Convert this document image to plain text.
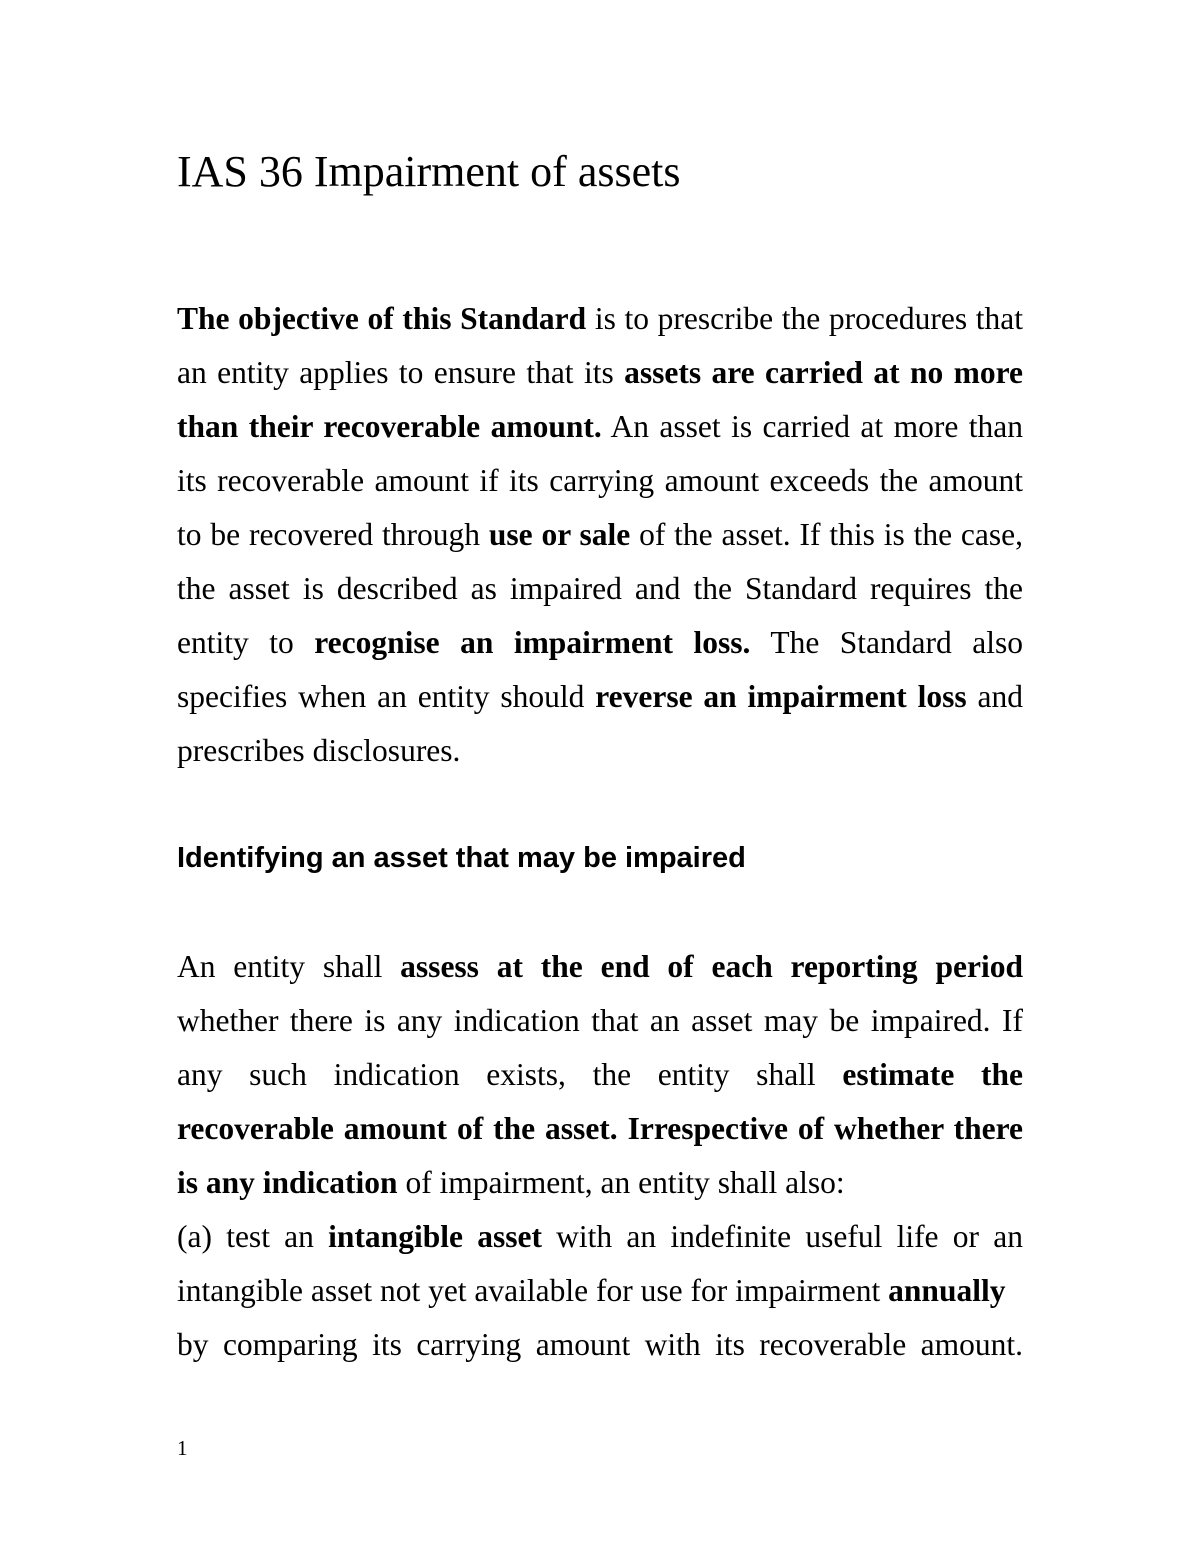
IAS 36 Impairment of assets

The objective of this Standard is to prescribe the procedures that an entity applies to ensure that its assets are carried at no more than their recoverable amount. An asset is carried at more than its recoverable amount if its carrying amount exceeds the amount to be recovered through use or sale of the asset. If this is the case, the asset is described as impaired and the Standard requires the entity to recognise an impairment loss. The Standard also specifies when an entity should reverse an impairment loss and prescribes disclosures.

Identifying an asset that may be impaired

An entity shall assess at the end of each reporting period whether there is any indication that an asset may be impaired. If any such indication exists, the entity shall estimate the recoverable amount of the asset. Irrespective of whether there is any indication of impairment, an entity shall also:

(a) test an intangible asset with an indefinite useful life or an intangible asset not yet available for use for impairment annually

by comparing its carrying amount with its recoverable amount.

1
